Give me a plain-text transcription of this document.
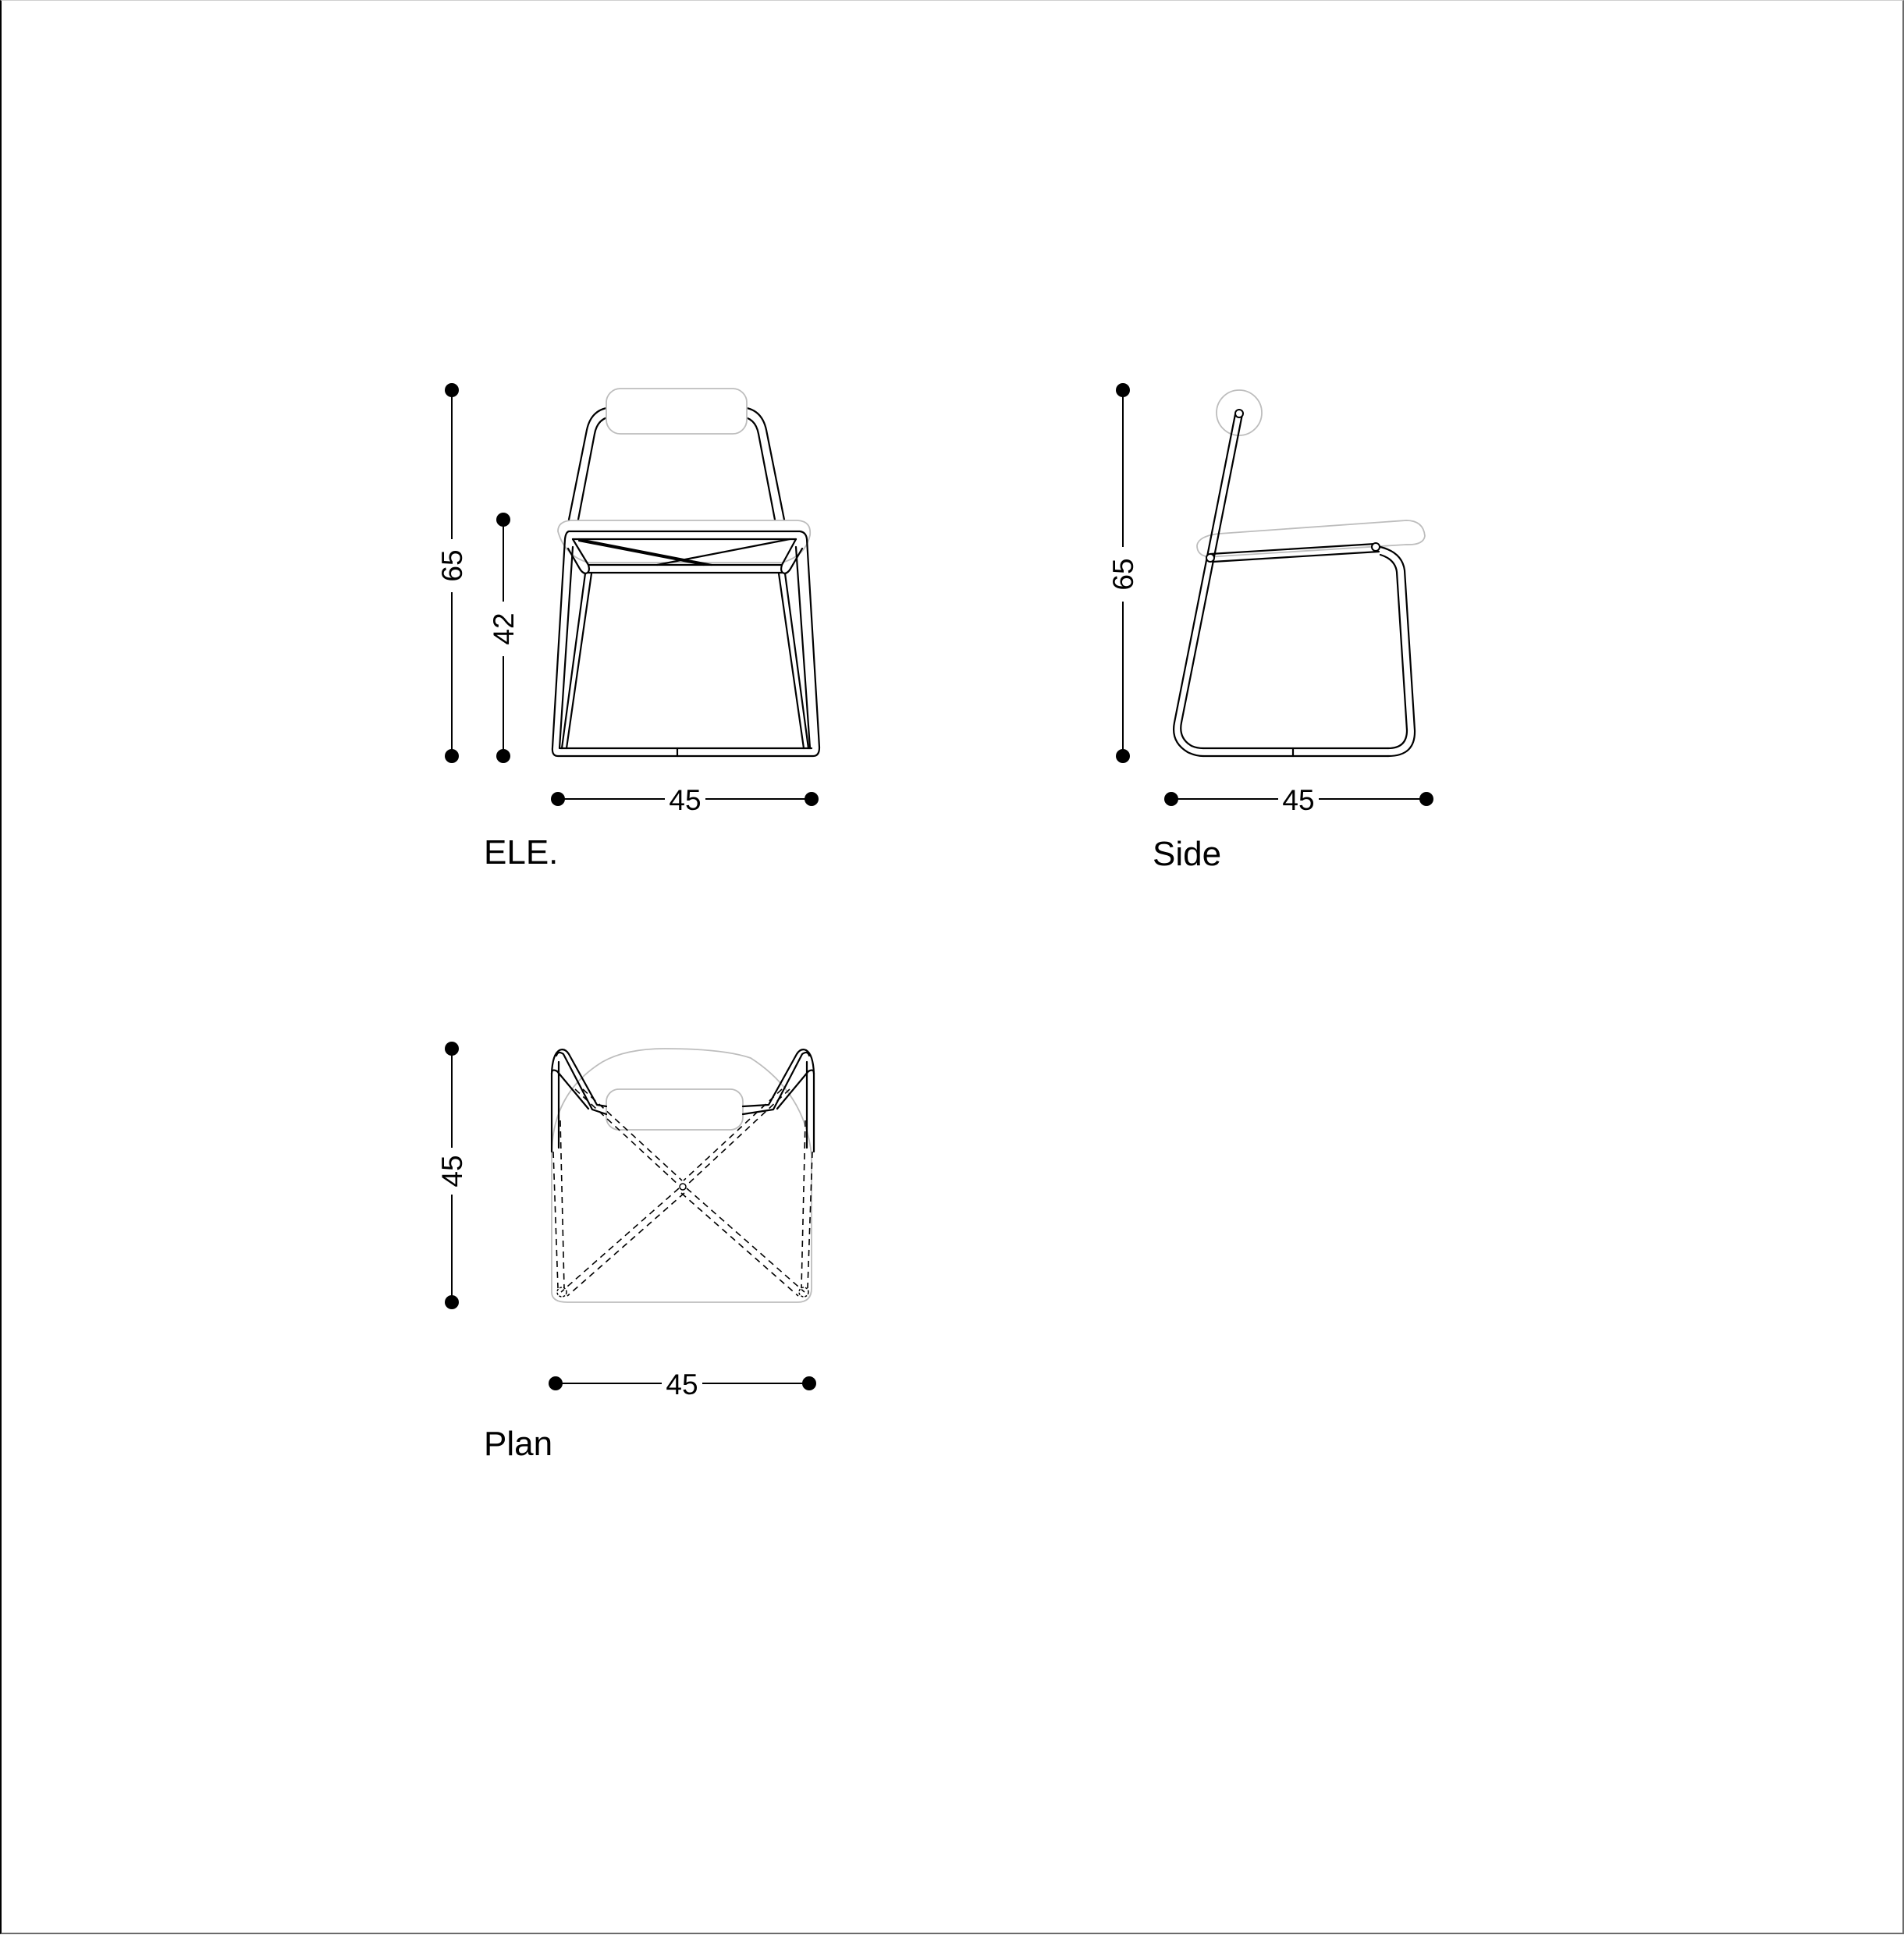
65
42
45
ELE.
65
45
Side
45
45
Plan
